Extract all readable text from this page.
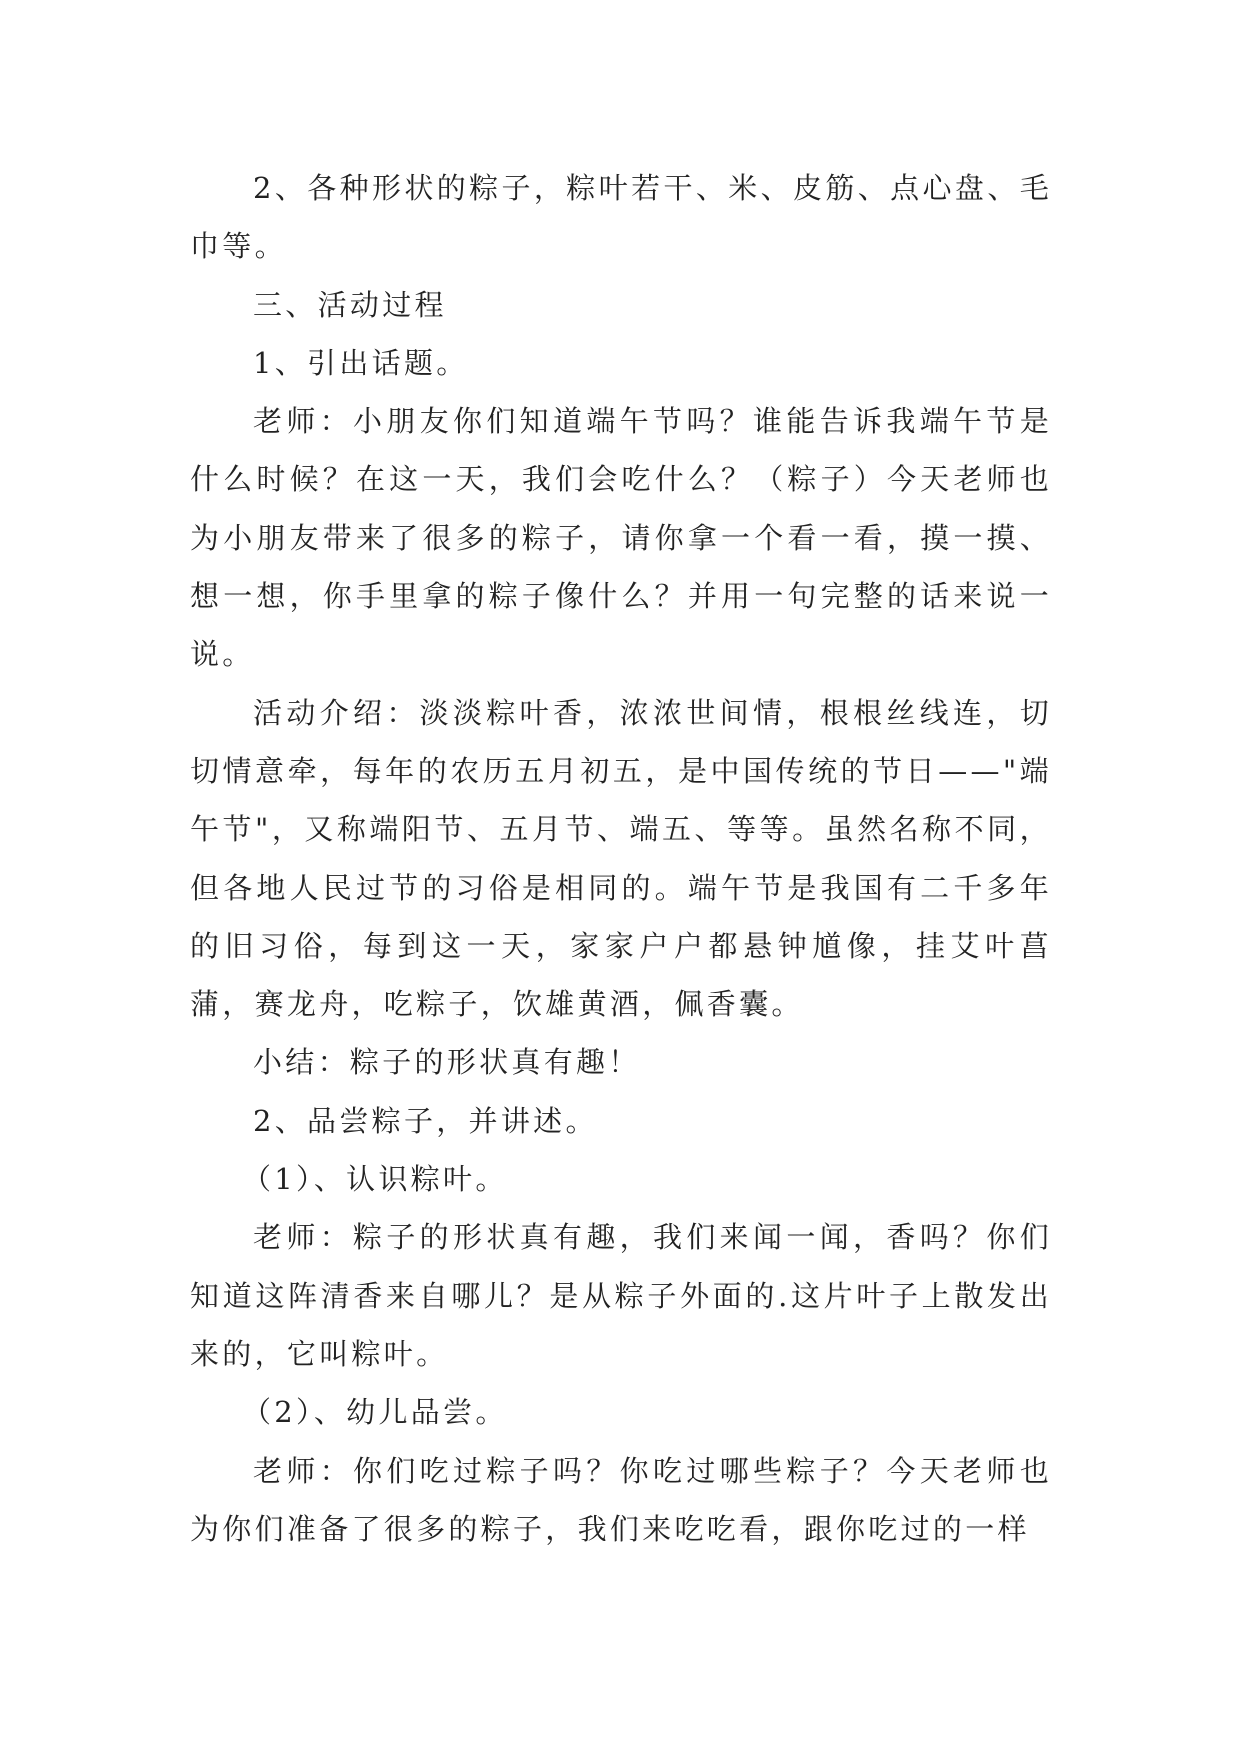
2、各种形状的粽子，粽叶若干、米、皮筋、点心盘、毛巾等。

三、活动过程

1、引出话题。

老师：小朋友你们知道端午节吗？谁能告诉我端午节是什么时候？在这一天，我们会吃什么？（粽子）今天老师也为小朋友带来了很多的粽子，请你拿一个看一看，摸一摸、想一想，你手里拿的粽子像什么？并用一句完整的话来说一说。

活动介绍：淡淡粽叶香，浓浓世间情，根根丝线连，切切情意牵，每年的农历五月初五，是中国传统的节日——"端午节"，又称端阳节、五月节、端五、等等。虽然名称不同，但各地人民过节的习俗是相同的。端午节是我国有二千多年的旧习俗，每到这一天，家家户户都悬钟馗像，挂艾叶菖蒲，赛龙舟，吃粽子，饮雄黄酒，佩香囊。

小结：粽子的形状真有趣！

2、品尝粽子，并讲述。

（1）、认识粽叶。

老师：粽子的形状真有趣，我们来闻一闻，香吗？你们知道这阵清香来自哪儿？是从粽子外面的.这片叶子上散发出来的，它叫粽叶。

（2）、幼儿品尝。

老师：你们吃过粽子吗？你吃过哪些粽子？今天老师也为你们准备了很多的粽子，我们来吃吃看，跟你吃过的一样
